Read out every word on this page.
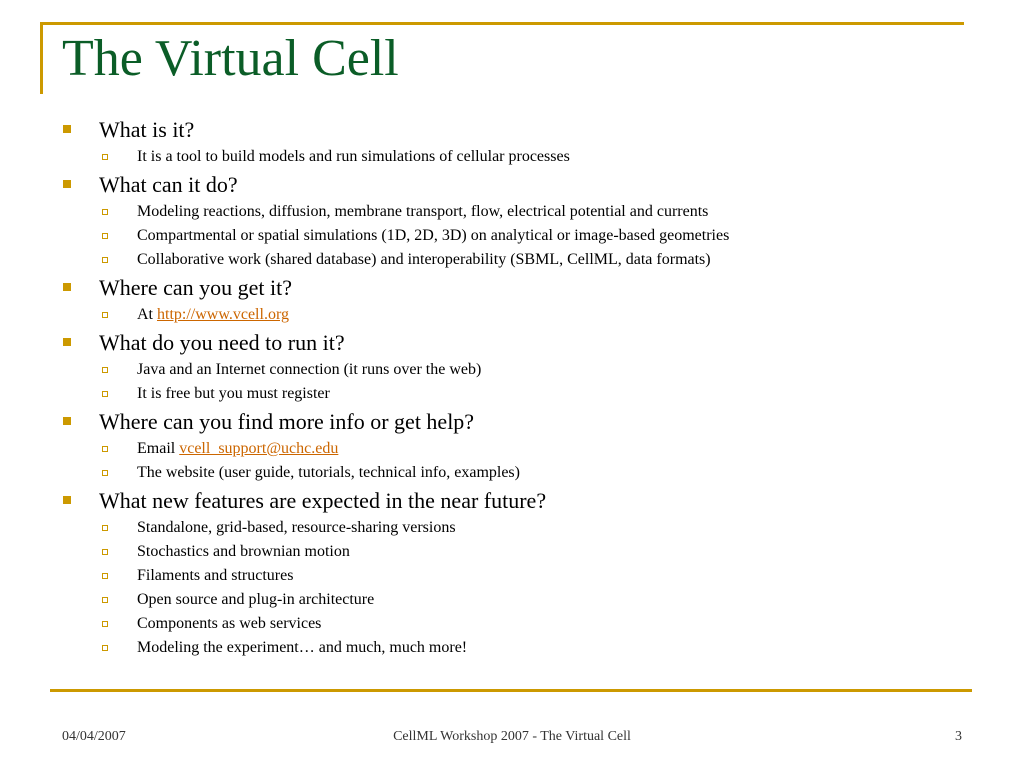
The Virtual Cell
What is it?
It is a tool to build models and run simulations of cellular processes
What can it do?
Modeling reactions, diffusion, membrane transport, flow, electrical potential and currents
Compartmental or spatial simulations (1D, 2D, 3D) on analytical or image-based geometries
Collaborative work (shared database) and interoperability (SBML, CellML, data formats)
Where can you get it?
At http://www.vcell.org
What do you need to run it?
Java and an Internet connection (it runs over the web)
It is free but you must register
Where can you find more info or get help?
Email vcell_support@uchc.edu
The website (user guide, tutorials, technical info, examples)
What new features are expected in the near future?
Standalone, grid-based, resource-sharing versions
Stochastics and brownian motion
Filaments and structures
Open source and plug-in architecture
Components as web services
Modeling the experiment… and much, much more!
04/04/2007	CellML Workshop 2007 - The Virtual Cell	3
